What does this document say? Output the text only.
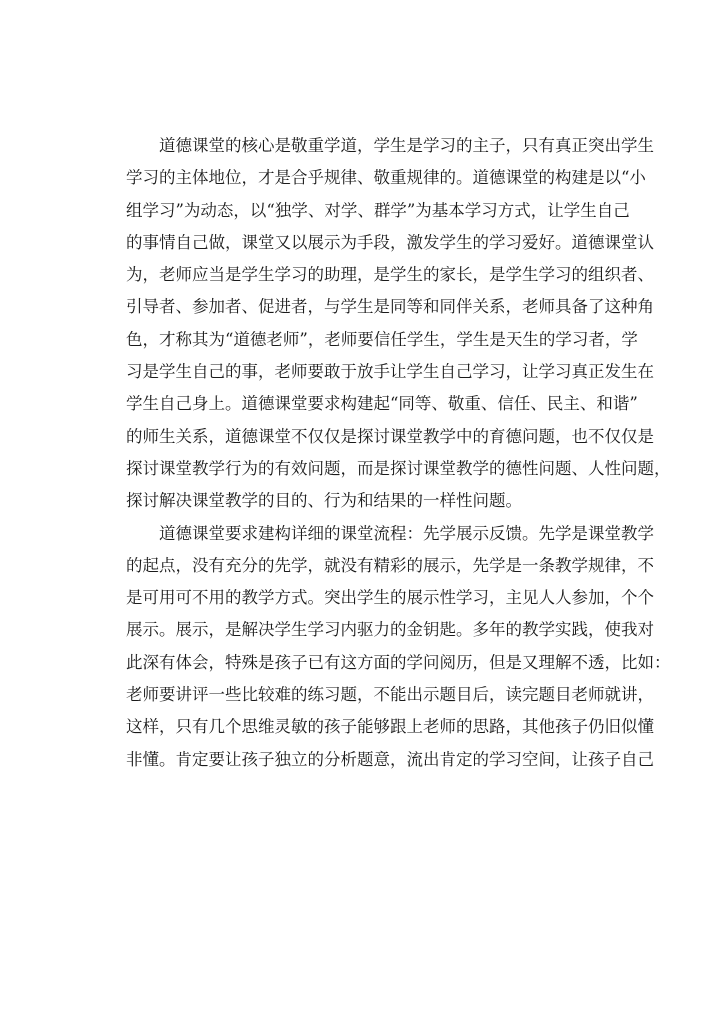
道德课堂的核心是敬重学道，学生是学习的主子，只有真正突出学生
学习的主体地位，才是合乎规律、敬重规律的。道德课堂的构建是以“小
组学习”为动态，以“独学、对学、群学”为基本学习方式，让学生自己
的事情自己做，课堂又以展示为手段，激发学生的学习爱好。道德课堂认
为，老师应当是学生学习的助理，是学生的家长，是学生学习的组织者、
引导者、参加者、促进者，与学生是同等和同伴关系，老师具备了这种角
色，才称其为“道德老师”，老师要信任学生，学生是天生的学习者，学
习是学生自己的事，老师要敢于放手让学生自己学习，让学习真正发生在
学生自己身上。道德课堂要求构建起“同等、敬重、信任、民主、和谐”
的师生关系，道德课堂不仅仅是探讨课堂教学中的育德问题，也不仅仅是
探讨课堂教学行为的有效问题，而是探讨课堂教学的德性问题、人性问题，
探讨解决课堂教学的目的、行为和结果的一样性问题。
道德课堂要求建构详细的课堂流程：先学展示反馈。先学是课堂教学
的起点，没有充分的先学，就没有精彩的展示，先学是一条教学规律，不
是可用可不用的教学方式。突出学生的展示性学习，主见人人参加，个个
展示。展示，是解决学生学习内驱力的金钥匙。多年的教学实践，使我对
此深有体会，特殊是孩子已有这方面的学问阅历，但是又理解不透，比如：
老师要讲评一些比较难的练习题，不能出示题目后，读完题目老师就讲，
这样，只有几个思维灵敏的孩子能够跟上老师的思路，其他孩子仍旧似懂
非懂。肯定要让孩子独立的分析题意，流出肯定的学习空间，让孩子自己
